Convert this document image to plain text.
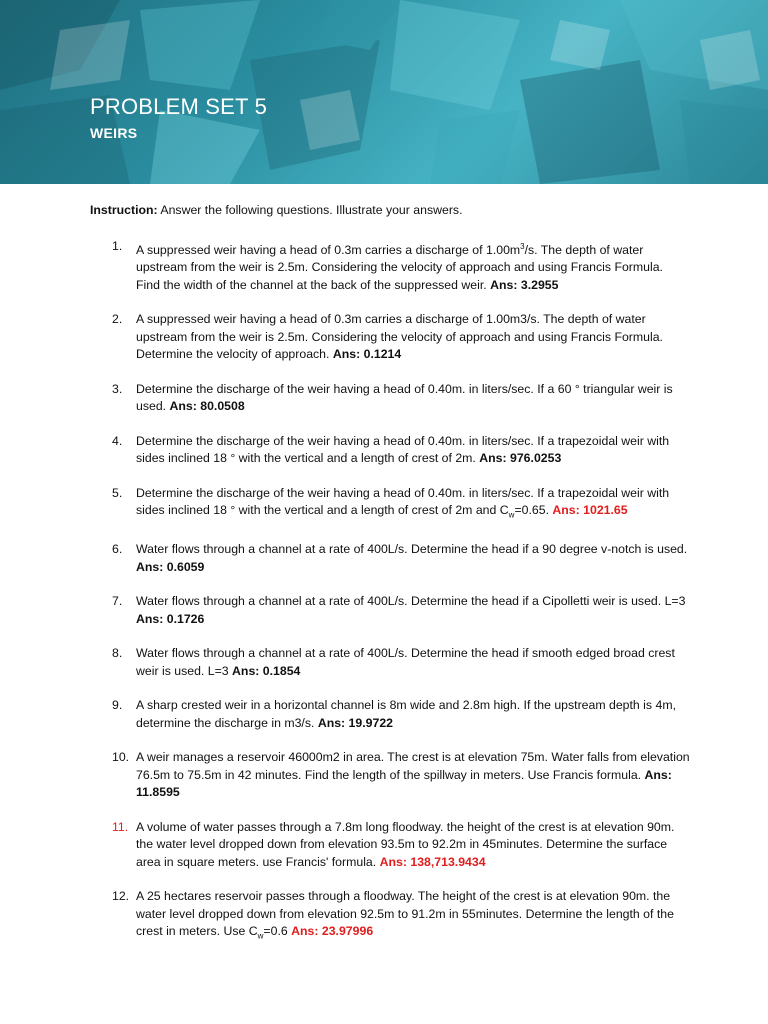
PROBLEM SET 5
WEIRS

Instruction: Answer the following questions. Illustrate your answers.

1.	A suppressed weir having a head of 0.3m carries a discharge of $1.00m^3/s$. The depth of water upstream from the weir is 2.5m. Considering the velocity of approach and using Francis Formula. Find the width of the channel at the back of the suppressed weir. Ans: 3.2955
2.	A suppressed weir having a head of 0.3m carries a discharge of 1.00m3/s. The depth of water upstream from the weir is 2.5m. Considering the velocity of approach and using Francis Formula. Determine the velocity of approach. Ans: 0.1214
3.	Determine the discharge of the weir having a head of 0.40m. in liters/sec. If a 60 ° triangular weir is used. Ans: 80.0508
4.	Determine the discharge of the weir having a head of 0.40m. in liters/sec. If a trapezoidal weir with sides inclined 18 ° with the vertical and a length of crest of 2m. Ans: 976.0253
5.	Determine the discharge of the weir having a head of 0.40m. in liters/sec. If a trapezoidal weir with sides inclined 18 ° with the vertical and a length of crest of 2m and $C_w=0.65$. Ans: 1021.65
6.	Water flows through a channel at a rate of 400L/s. Determine the head if a 90 degree v-notch is used. Ans: 0.6059
7.	Water flows through a channel at a rate of 400L/s. Determine the head if a Cipolletti weir is used. L=3 Ans: 0.1726
8.	Water flows through a channel at a rate of 400L/s. Determine the head if smooth edged broad crest weir is used. L=3 Ans: 0.1854
9.	A sharp crested weir in a horizontal channel is 8m wide and 2.8m high. If the upstream depth is 4m, determine the discharge in m3/s. Ans: 19.9722
10. A weir manages a reservoir 46000m2 in area. The crest is at elevation 75m. Water falls from elevation 76.5m to 75.5m in 42 minutes. Find the length of the spillway in meters. Use Francis formula. Ans: 11.8595
11. A volume of water passes through a 7.8m long floodway. the height of the crest is at elevation 90m. the water level dropped down from elevation 93.5m to 92.2m in 45minutes. Determine the surface area in square meters. use Francis' formula. Ans: 138,713.9434
12. A 25 hectares reservoir passes through a floodway. The height of the crest is at elevation 90m. the water level dropped down from elevation 92.5m to 91.2m in 55minutes. Determine the length of the crest in meters. Use $C_w=0.6$ Ans: 23.97996
